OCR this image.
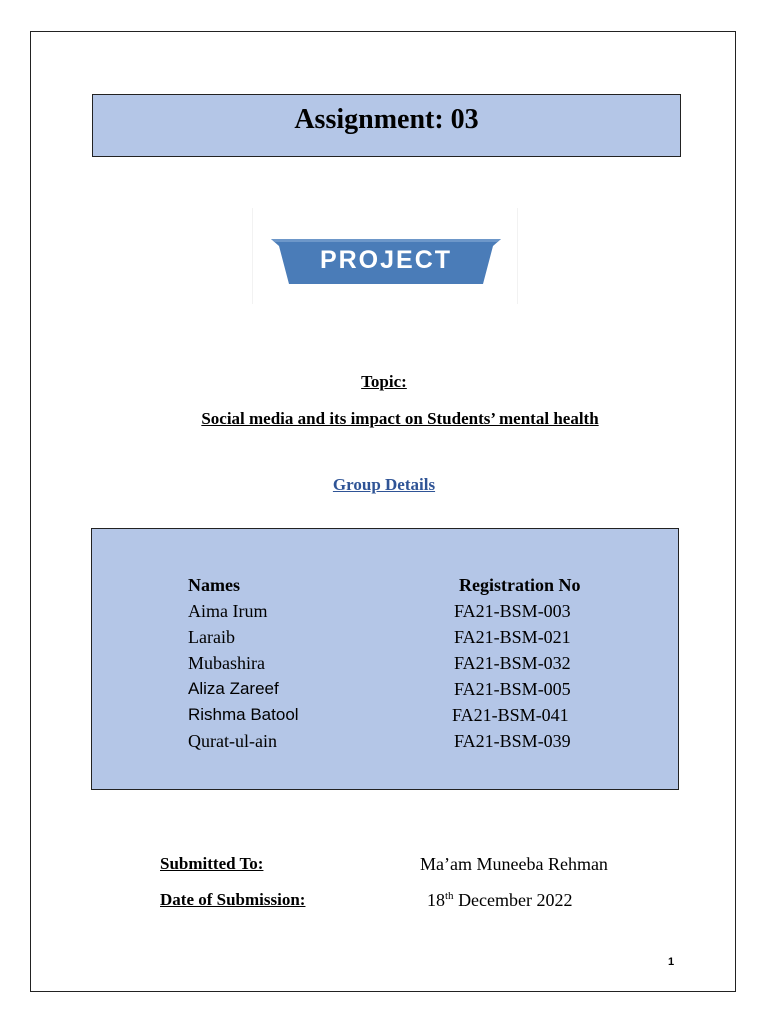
Assignment: 03
PROJECT
Topic:
Social media and its impact on Students’ mental health
Group Details
Names	Registration No
Aima Irum	FA21-BSM-003
Laraib	FA21-BSM-021
Mubashira	FA21-BSM-032
Aliza Zareef	FA21-BSM-005
Rishma Batool	FA21-BSM-041
Qurat-ul-ain	FA21-BSM-039
Submitted To:	Ma’am Muneeba Rehman
Date of Submission:	18th December 2022
1
